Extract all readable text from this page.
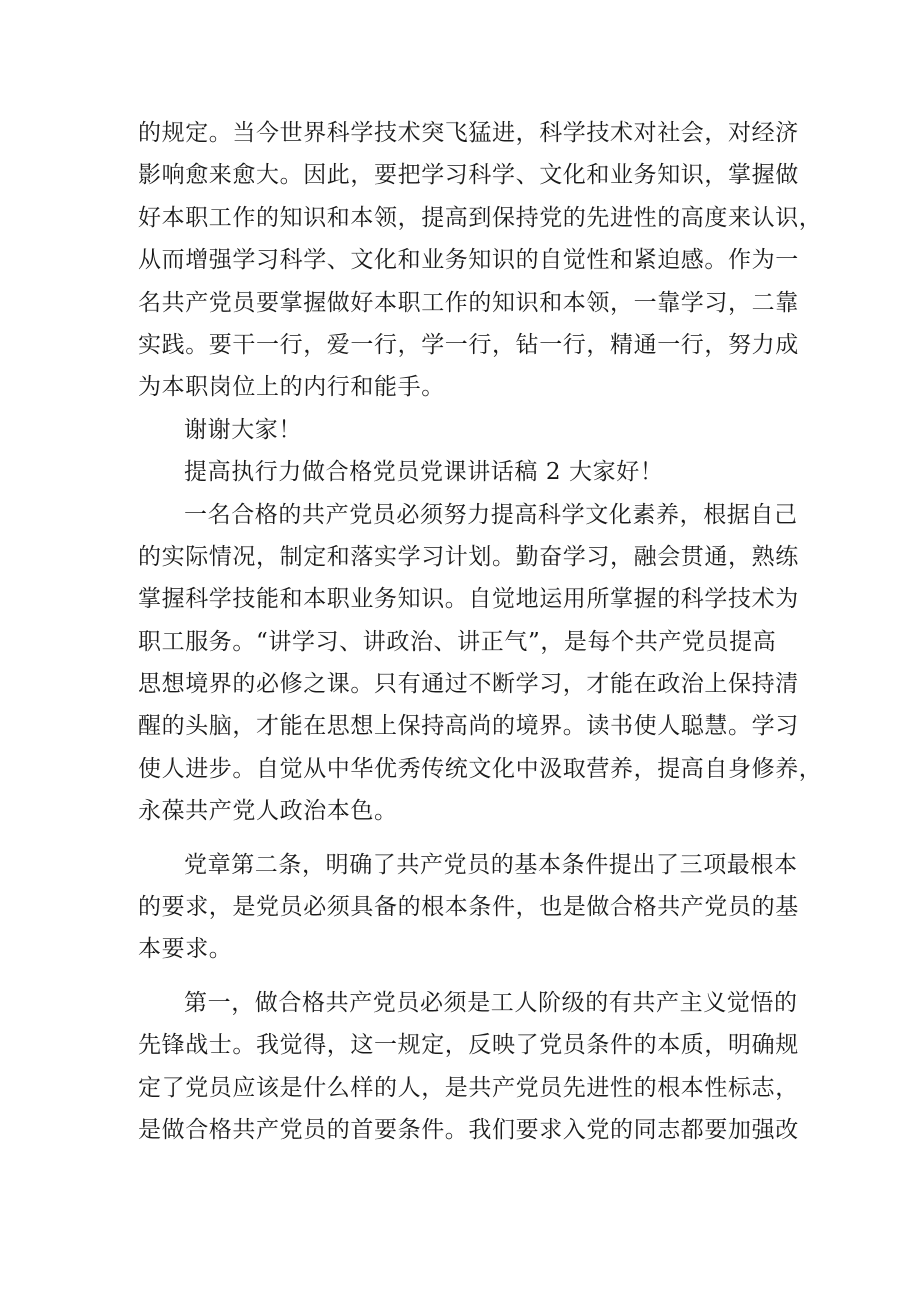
的规定。当今世界科学技术突飞猛进，科学技术对社会，对经济
影响愈来愈大。因此，要把学习科学、文化和业务知识，掌握做
好本职工作的知识和本领，提高到保持党的先进性的高度来认识，
从而增强学习科学、文化和业务知识的自觉性和紧迫感。作为一
名共产党员要掌握做好本职工作的知识和本领，一靠学习，二靠
实践。要干一行，爱一行，学一行，钻一行，精通一行，努力成
为本职岗位上的内行和能手。
谢谢大家！
提高执行力做合格党员党课讲话稿 2 大家好！
一名合格的共产党员必须努力提高科学文化素养，根据自己
的实际情况，制定和落实学习计划。勤奋学习，融会贯通，熟练
掌握科学技能和本职业务知识。自觉地运用所掌握的科学技术为
职工服务。“讲学习、讲政治、讲正气”，是每个共产党员提高
思想境界的必修之课。只有通过不断学习，才能在政治上保持清
醒的头脑，才能在思想上保持高尚的境界。读书使人聪慧。学习
使人进步。自觉从中华优秀传统文化中汲取营养，提高自身修养，
永葆共产党人政治本色。
党章第二条，明确了共产党员的基本条件提出了三项最根本
的要求，是党员必须具备的根本条件，也是做合格共产党员的基
本要求。
第一，做合格共产党员必须是工人阶级的有共产主义觉悟的
先锋战士。我觉得，这一规定，反映了党员条件的本质，明确规
定了党员应该是什么样的人，是共产党员先进性的根本性标志，
是做合格共产党员的首要条件。我们要求入党的同志都要加强改
